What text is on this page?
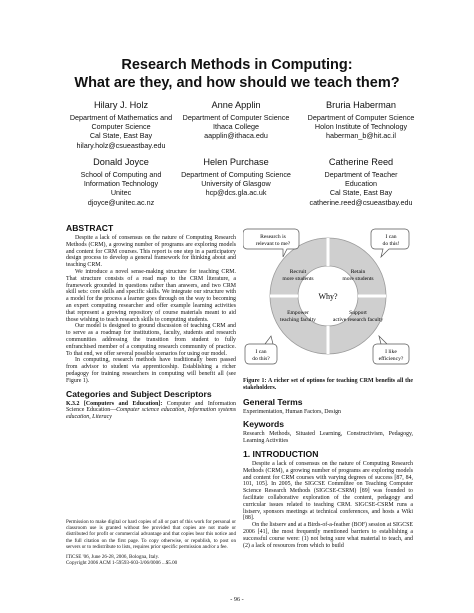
Research Methods in Computing:
What are they, and how should we teach them?
Hilary J. Holz
Department of Mathematics and
Computer Science
Cal State, East Bay
hilary.holz@csueastbay.edu
Anne Applin
Department of Computer Science
Ithaca College
aapplin@ithaca.edu
Bruria Haberman
Department of Computer Science
Holon Institute of Technology
haberman_b@hit.ac.il
Donald Joyce
School of Computing and
Information Technology
Unitec
djoyce@unitec.ac.nz
Helen Purchase
Department of Computing Science
University of Glasgow
hcp@dcs.gla.ac.uk
Catherine Reed
Department of Teacher
Education
Cal State, East Bay
catherine.reed@csueastbay.edu
ABSTRACT

Despite a lack of consensus on the nature of Computing Research Methods (CRM), a growing number of programs are exploring models and content for CRM courses. This report is one step in a participatory design process to develop a general framework for thinking about and teaching CRM.

We introduce a novel sense-making structure for teaching CRM. That structure consists of a road map to the CRM literature, a framework grounded in questions rather than answers, and two CRM skill sets: core skills and specific skills. We integrate our structure with a model for the process a learner goes through on the way to becoming an expert computing researcher and offer example learning activities that represent a growing repository of course materials meant to aid those wishing to teach research skills to computing students.

Our model is designed to ground discussion of teaching CRM and to serve as a roadmap for institutions, faculty, students and research communities addressing the transition from student to fully enfranchised member of a computing research community of practice. To that end, we offer several possible scenarios for using our model.

In computing, research methods have traditionally been passed from advisor to student via apprenticeship. Establishing a richer pedagogy for training researchers in computing will benefit all (see Figure 1).

Categories and Subject Descriptors
K.3.2 [Computers and Education]: Computer and Information Science Education—Computer science education, Information systems education, Literacy

Permission to make digital or hard copies of all or part of this work for personal or classroom use is granted without fee provided that copies are not made or distributed for profit or commercial advantage and that copies bear this notice and the full citation on the first page. To copy otherwise, or republish, to post on servers or to redistribute to lists, requires prior specific permission and/or a fee.

ITiCSE '06, June 26-28, 2006, Bologna, Italy.

Copyright 2006 ACM 1-59593-603-3/06/0006 ...$5.00

Why?
Recruit
more students
Retain
more students
Empower
teaching faculty
Support
active research faculty
Research is
relevant to me?
I can
do this!
I can
do this?
I like
efficiency?

Figure 1: A richer set of options for teaching CRM benefits all the stakeholders.

General Terms

Experimentation, Human Factors, Design

Keywords

Research Methods, Situated Learning, Constructivism, Pedagogy, Learning Activities

1. INTRODUCTION

Despite a lack of consensus on the nature of Computing Research Methods (CRM), a growing number of programs are exploring models and content for CRM courses with varying degrees of success [87, 84, 101, 105]. In 2005, the SIGCSE Committee on Teaching Computer Science Research Methods (SIGCSE-CSRM) [89] was founded to facilitate collaborative exploration of the content, pedagogy and curricular issues related to teaching CRM. SIGCSE-CSRM runs a listserv, sponsors meetings at technical conferences, and hosts a Wiki [88].

On the listserv and at a Birds-of-a-feather (BOF) session at SIGCSE 2006 [41], the most frequently mentioned barriers to establishing a successful course were: (1) not being sure what material to teach, and (2) a lack of resources from which to build

- 96 -
